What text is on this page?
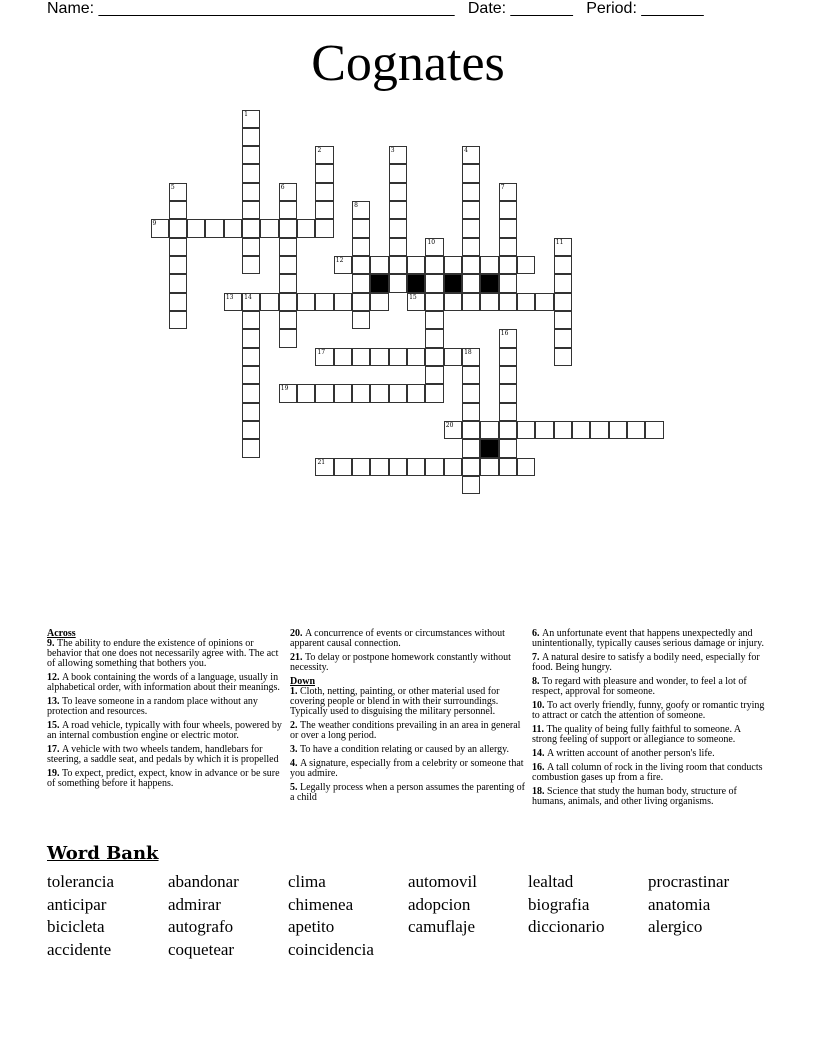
Name: ________________________________________ Date: _______ Period: _______
Cognates
1
2	3	4
5	6	7
8
9
10	11
12
13 14	15
16
17	18
19
20
21
Across
9. The ability to endure the existence of opinions or behavior that one does not necessarily agree with. The act of allowing something that bothers you.
12. A book containing the words of a language, usually in alphabetical order, with information about their meanings.
13. To leave someone in a random place without any protection and resources.
15. A road vehicle, typically with four wheels, powered by an internal combustion engine or electric motor.
17. A vehicle with two wheels tandem, handlebars for steering, a saddle seat, and pedals by which it is propelled
19. To expect, predict, expect, know in advance or be sure of something before it happens.
20. A concurrence of events or circumstances without apparent causal connection.
21. To delay or postpone homework constantly without necessity.
Down
1. Cloth, netting, painting, or other material used for covering people or blend in with their surroundings. Typically used to disguising the military personnel.
2. The weather conditions prevailing in an area in general or over a long period.
3. To have a condition relating or caused by an allergy.
4. A signature, especially from a celebrity or someone that you admire.
5. Legally process when a person assumes the parenting of a child
6. An unfortunate event that happens unexpectedly and unintentionally, typically causes serious damage or injury.
7. A natural desire to satisfy a bodily need, especially for food. Being hungry.
8. To regard with pleasure and wonder, to feel a lot of respect, approval for someone.
10. To act overly friendly, funny, goofy or romantic trying to attract or catch the attention of someone.
11. The quality of being fully faithful to someone. A strong feeling of support or allegiance to someone.
14. A written account of another person's life.
16. A tall column of rock in the living room that conducts combustion gases up from a fire.
18. Science that study the human body, structure of humans, animals, and other living organisms.
Word Bank
tolerancia	abandonar	clima	automovil	lealtad	procrastinar
anticipar	admirar	chimenea	adopcion	biografia	anatomia
bicicleta	autografo	apetito	camuflaje	diccionario	alergico
accidente	coquetear	coincidencia
